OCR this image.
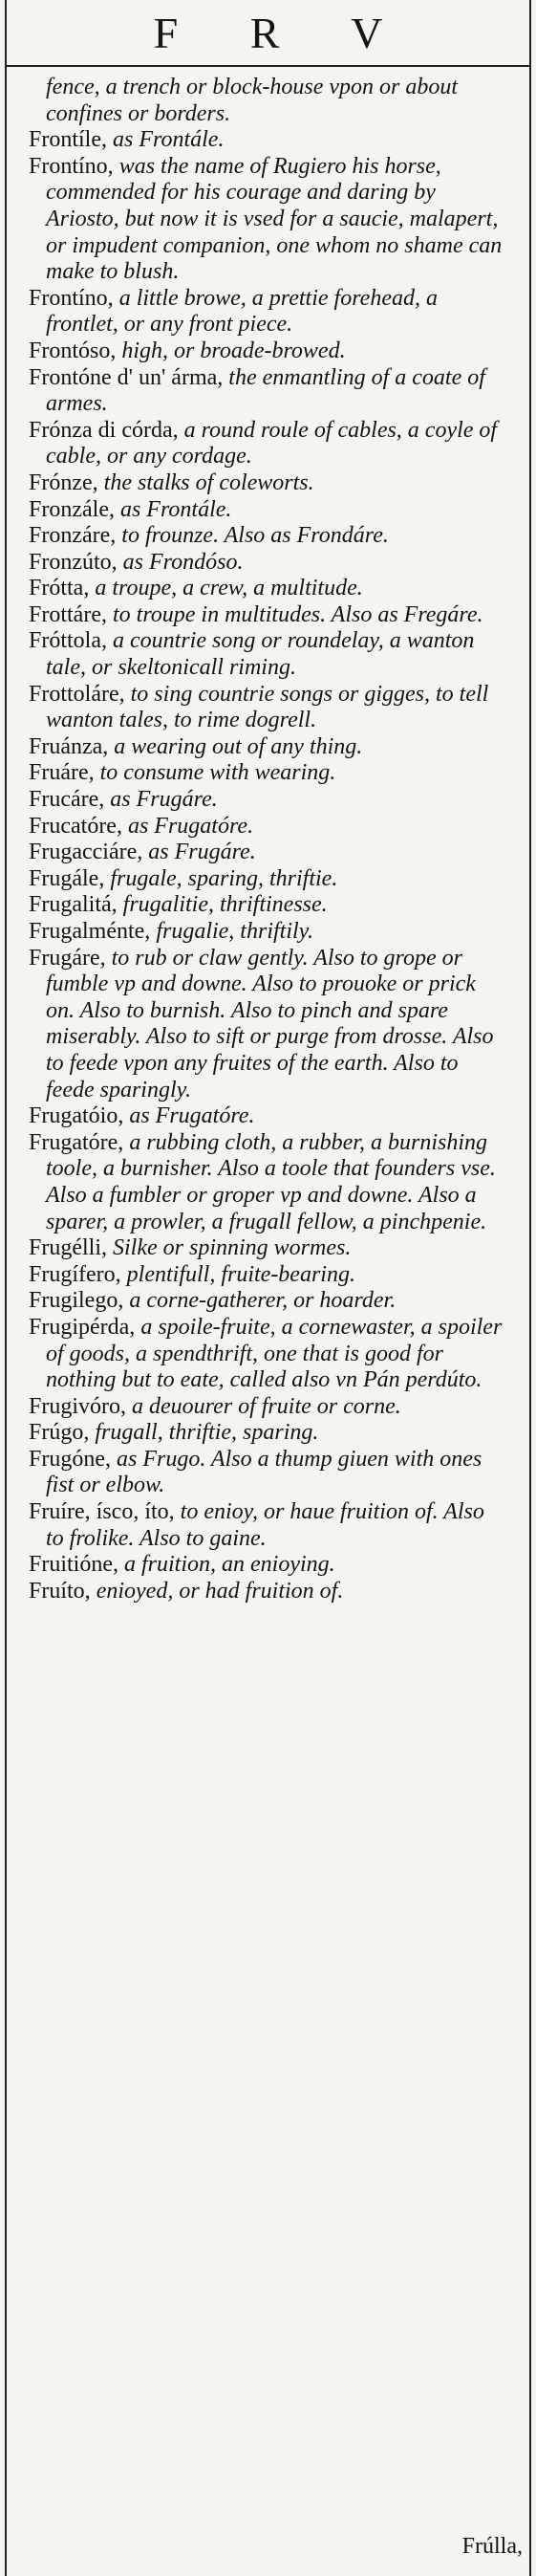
F R V

fence, a trench or block-house vpon or about confines or borders.

Frontíle, as Frontále.

Frontíno, was the name of Rugiero his horse, commended for his courage and daring by Ariosto, but now it is vsed for a saucie, malapert, or impudent companion, one whom no shame can make to blush.

Frontíno, a little browe, a prettie forehead, a frontlet, or any front piece.

Frontóso, high, or broade-browed.

Frontóne d' un' árma, the enmantling of a coate of armes.

Frónza di córda, a round roule of cables, a coyle of cable, or any cordage.

Frónze, the stalks of coleworts.

Fronzále, as Frontále.

Fronzáre, to frounze. Also as Frondáre.

Fronzúto, as Frondóso.

Frótta, a troupe, a crew, a multitude.

Frottáre, to troupe in multitudes. Also as Fregáre.

Fróttola, a countrie song or roundelay, a wanton tale, or skeltonicall riming.

Frottoláre, to sing countrie songs or gigges, to tell wanton tales, to rime dogrell.

Fruánza, a wearing out of any thing.

Fruáre, to consume with wearing.

Frucáre, as Frugáre.

Frucatóre, as Frugatóre.

Frugacciáre, as Frugáre.

Frugále, frugale, sparing, thriftie.

Frugalitá, frugalitie, thriftinesse.

Frugalménte, frugalie, thriftily.

Frugáre, to rub or claw gently. Also to grope or fumble vp and downe. Also to prouoke or prick on. Also to burnish. Also to pinch and spare miserably. Also to sift or purge from drosse. Also to feede vpon any fruites of the earth. Also to feede sparingly.

Frugatóio, as Frugatóre.

Frugatóre, a rubbing cloth, a rubber, a burnishing toole, a burnisher. Also a toole that founders vse. Also a fumbler or groper vp and downe. Also a sparer, a prowler, a frugall fellow, a pinchpenie.

Frugélli, Silke or spinning wormes.

Frugífero, plentifull, fruite-bearing.

Frugilego, a corne-gatherer, or hoarder.

Frugipérda, a spoile-fruite, a cornewaster, a spoiler of goods, a spendthrift, one that is good for nothing but to eate, called also vn Pán perdúto.

Frugivóro, a deuourer of fruite or corne.

Frúgo, frugall, thriftie, sparing.

Frugóne, as Frugo. Also a thump giuen with ones fist or elbow.

Fruíre, ísco, íto, to enioy, or haue fruition of. Also to frolike. Also to gaine.

Fruitióne, a fruition, an enioying.

Fruíto, enioyed, or had fruition of.

Frúlla,
